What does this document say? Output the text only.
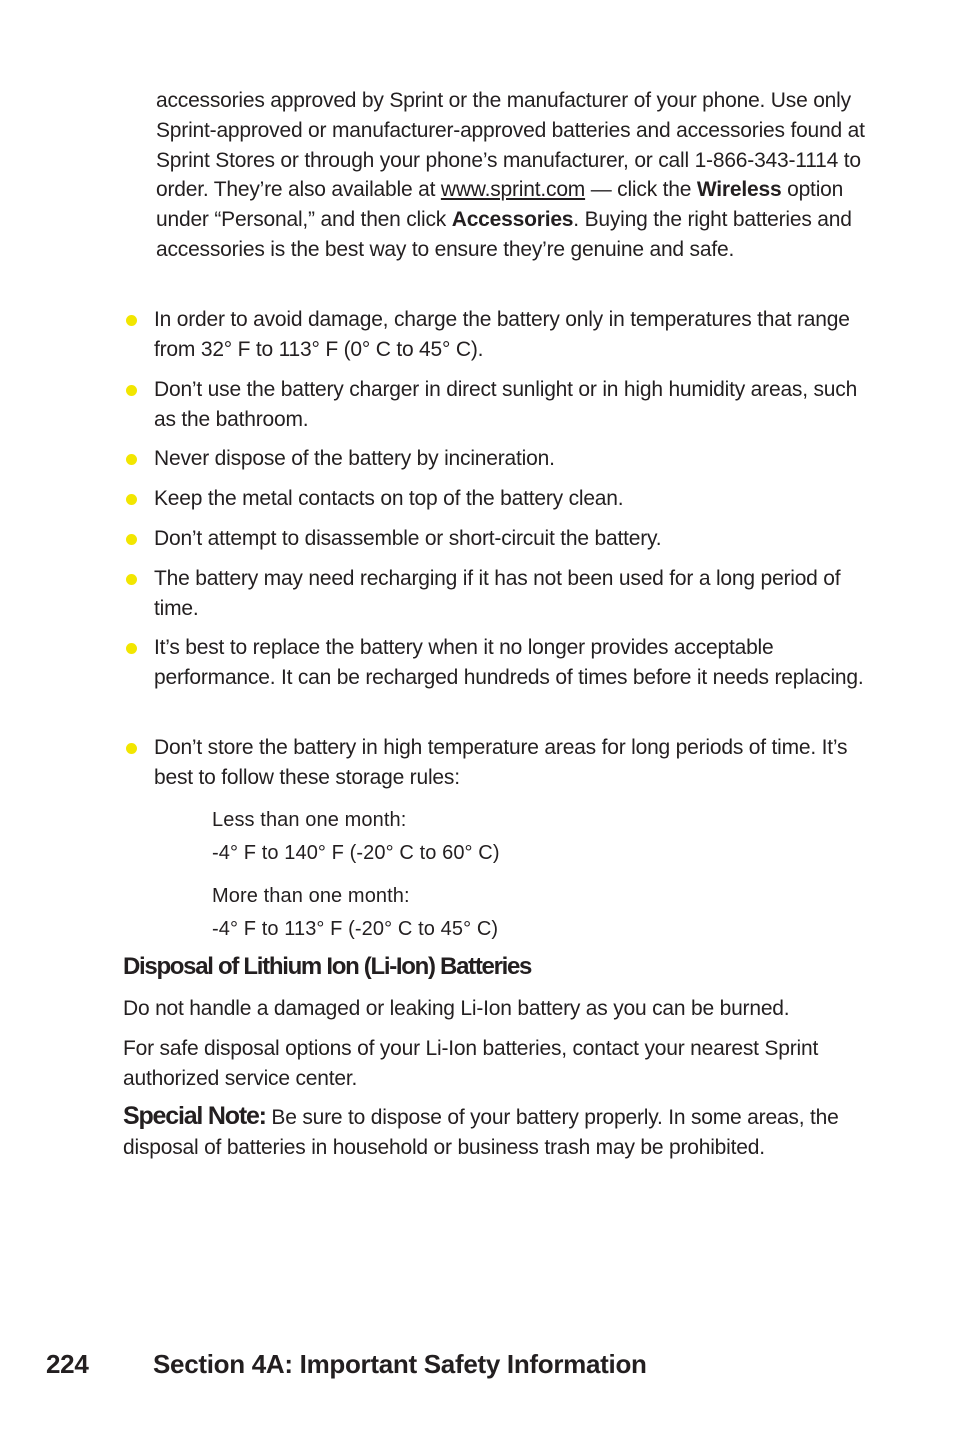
accessories approved by Sprint or the manufacturer of your phone. Use only Sprint-approved or manufacturer-approved batteries and accessories found at Sprint Stores or through your phone’s manufacturer, or call 1-866-343-1114 to order. They’re also available at www.sprint.com — click the Wireless option under “Personal,” and then click Accessories. Buying the right batteries and accessories is the best way to ensure they’re genuine and safe.

In order to avoid damage, charge the battery only in temperatures that range from 32° F to 113° F (0° C to 45° C).
Don’t use the battery charger in direct sunlight or in high humidity areas, such as the bathroom.
Never dispose of the battery by incineration.
Keep the metal contacts on top of the battery clean.
Don’t attempt to disassemble or short-circuit the battery.
The battery may need recharging if it has not been used for a long period of time.
It’s best to replace the battery when it no longer provides acceptable performance. It can be recharged hundreds of times before it needs replacing.
Don’t store the battery in high temperature areas for long periods of time. It’s best to follow these storage rules:
Less than one month:
-4° F to 140° F (-20° C to 60° C)
More than one month:
-4° F to 113° F (-20° C to 45° C)
Disposal of Lithium Ion (Li-Ion) Batteries

Do not handle a damaged or leaking Li-Ion battery as you can be burned.

For safe disposal options of your Li-Ion batteries, contact your nearest Sprint authorized service center.

Special Note: Be sure to dispose of your battery properly. In some areas, the disposal of batteries in household or business trash may be prohibited.

224 Section 4A: Important Safety Information
